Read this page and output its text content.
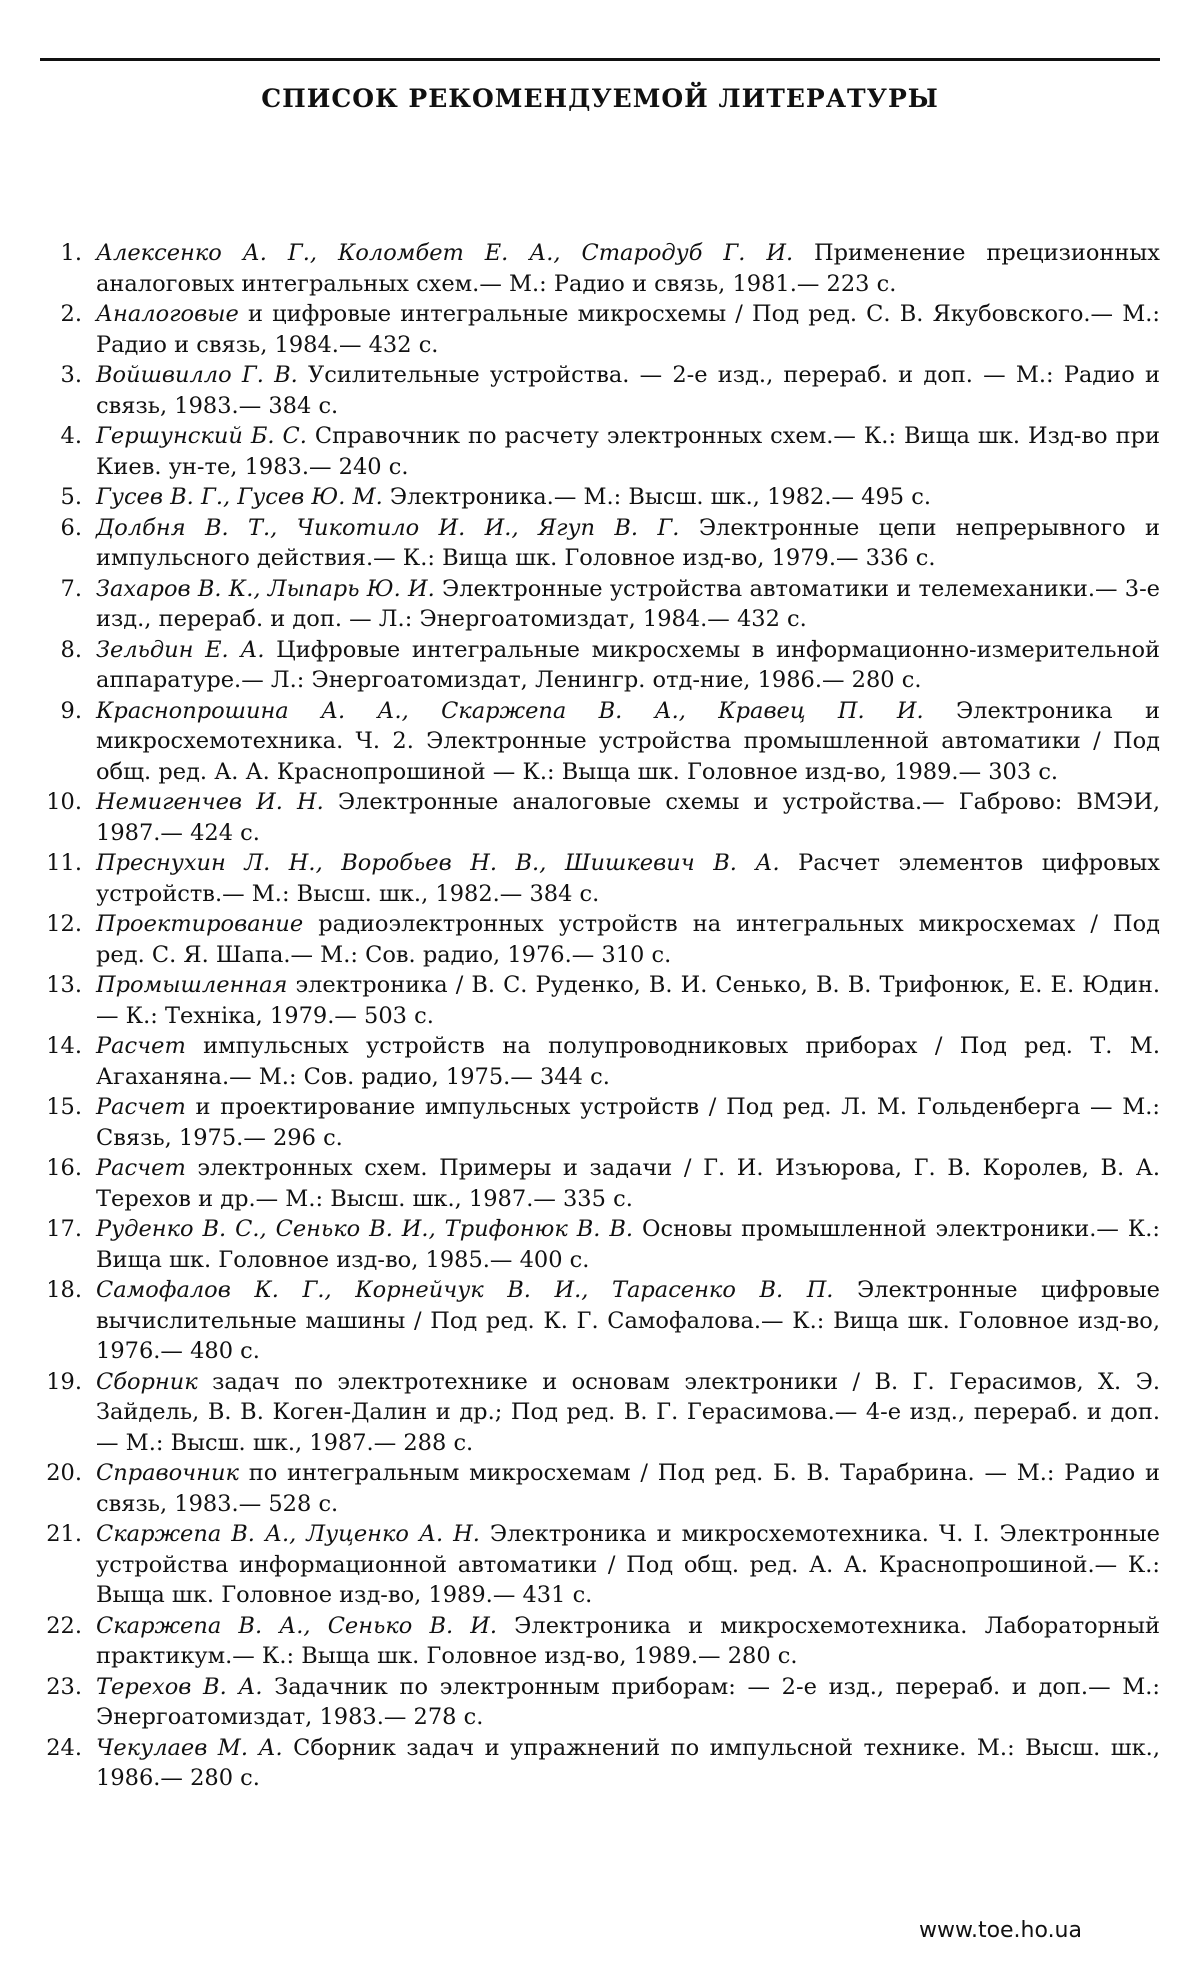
СПИСОК РЕКОМЕНДУЕМОЙ ЛИТЕРАТУРЫ
1. Алексенко А. Г., Коломбет Е. А., Стародуб Г. И. Применение прецизионных аналоговых интегральных схем.— М.: Радио и связь, 1981.— 223 с.
2. Аналоговые и цифровые интегральные микросхемы / Под ред. С. В. Якубовского.— М.: Радио и связь, 1984.— 432 с.
3. Войшвилло Г. В. Усилительные устройства. — 2-е изд., перераб. и доп. — М.: Радио и связь, 1983.— 384 с.
4. Гершунский Б. С. Справочник по расчету электронных схем.— К.: Вища шк. Изд-во при Киев. ун-те, 1983.— 240 с.
5. Гусев В. Г., Гусев Ю. М. Электроника.— М.: Высш. шк., 1982.— 495 с.
6. Долбня В. Т., Чикотило И. И., Ягуп В. Г. Электронные цепи непрерывного и импульсного действия.— К.: Вища шк. Головное изд-во, 1979.— 336 с.
7. Захаров В. К., Лыпарь Ю. И. Электронные устройства автоматики и телемеханики.— 3-е изд., перераб. и доп. — Л.: Энергоатомиздат, 1984.— 432 с.
8. Зельдин Е. А. Цифровые интегральные микросхемы в информационно-измерительной аппаратуре.— Л.: Энергоатомиздат, Ленингр. отд-ние, 1986.— 280 с.
9. Краснопрошина А. А., Скаржепа В. А., Кравец П. И. Электроника и микросхемотехника. Ч. 2. Электронные устройства промышленной автоматики / Под общ. ред. А. А. Краснопрошиной — К.: Выща шк. Головное изд-во, 1989.— 303 с.
10. Немигенчев И. Н. Электронные аналоговые схемы и устройства.— Габрово: ВМЭИ, 1987.— 424 с.
11. Преснухин Л. Н., Воробьев Н. В., Шишкевич В. А. Расчет элементов цифровых устройств.— М.: Высш. шк., 1982.— 384 с.
12. Проектирование радиоэлектронных устройств на интегральных микросхемах / Под ред. С. Я. Шапа.— М.: Сов. радио, 1976.— 310 с.
13. Промышленная электроника / В. С. Руденко, В. И. Сенько, В. В. Трифонюк, Е. Е. Юдин.— К.: Техніка, 1979.— 503 с.
14. Расчет импульсных устройств на полупроводниковых приборах / Под ред. Т. М. Агаханяна.— М.: Сов. радио, 1975.— 344 с.
15. Расчет и проектирование импульсных устройств / Под ред. Л. М. Гольденберга — М.: Связь, 1975.— 296 с.
16. Расчет электронных схем. Примеры и задачи / Г. И. Изъюрова, Г. В. Королев, В. А. Терехов и др.— М.: Высш. шк., 1987.— 335 с.
17. Руденко В. С., Сенько В. И., Трифонюк В. В. Основы промышленной электроники.— К.: Вища шк. Головное изд-во, 1985.— 400 с.
18. Самофалов К. Г., Корнейчук В. И., Тарасенко В. П. Электронные цифровые вычислительные машины / Под ред. К. Г. Самофалова.— К.: Вища шк. Головное изд-во, 1976.— 480 с.
19. Сборник задач по электротехнике и основам электроники / В. Г. Герасимов, Х. Э. Зайдель, В. В. Коген-Далин и др.; Под ред. В. Г. Герасимова.— 4-е изд., перераб. и доп.— М.: Высш. шк., 1987.— 288 с.
20. Справочник по интегральным микросхемам / Под ред. Б. В. Тарабрина. — М.: Радио и связь, 1983.— 528 с.
21. Скаржепа В. А., Луценко А. Н. Электроника и микросхемотехника. Ч. I. Электронные устройства информационной автоматики / Под общ. ред. А. А. Краснопрошиной.— К.: Выща шк. Головное изд-во, 1989.— 431 с.
22. Скаржепа В. А., Сенько В. И. Электроника и микросхемотехника. Лабораторный практикум.— К.: Выща шк. Головное изд-во, 1989.— 280 с.
23. Терехов В. А. Задачник по электронным приборам: — 2-е изд., перераб. и доп.— М.: Энергоатомиздат, 1983.— 278 с.
24. Чекулаев М. А. Сборник задач и упражнений по импульсной технике. М.: Высш. шк., 1986.— 280 с.
www.toe.ho.ua
